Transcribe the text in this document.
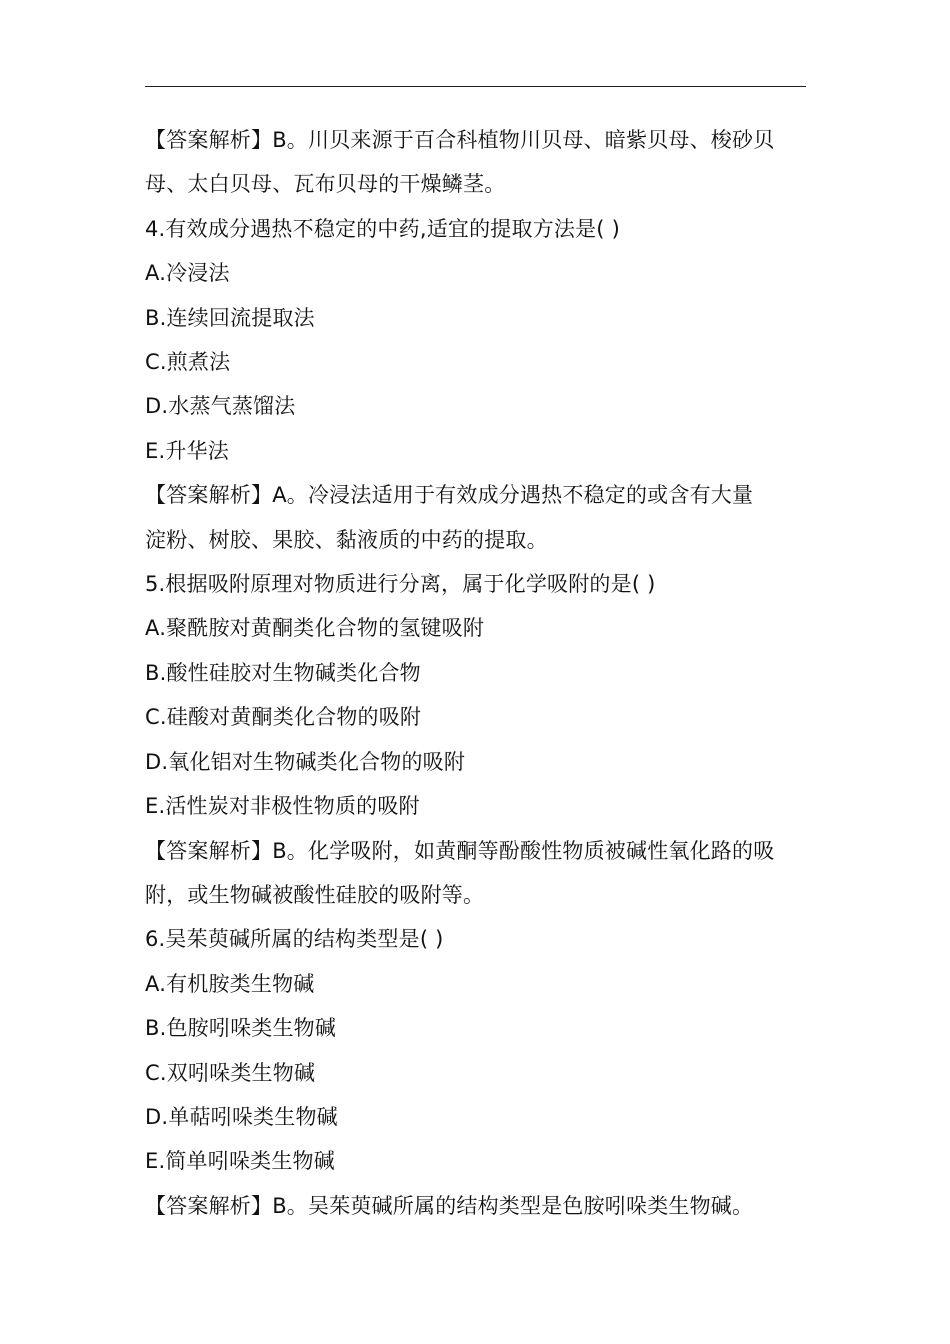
【答案解析】B。川贝来源于百合科植物川贝母、暗紫贝母、梭砂贝
母、太白贝母、瓦布贝母的干燥鳞茎。
4.有效成分遇热不稳定的中药,适宜的提取方法是( )
A.冷浸法
B.连续回流提取法
C.煎煮法
D.水蒸气蒸馏法
E.升华法
【答案解析】A。冷浸法适用于有效成分遇热不稳定的或含有大量
淀粉、树胶、果胶、黏液质的中药的提取。
5.根据吸附原理对物质进行分离，属于化学吸附的是( )
A.聚酰胺对黄酮类化合物的氢键吸附
B.酸性硅胶对生物碱类化合物
C.硅酸对黄酮类化合物的吸附
D.氧化铝对生物碱类化合物的吸附
E.活性炭对非极性物质的吸附
【答案解析】B。化学吸附，如黄酮等酚酸性物质被碱性氧化路的吸
附，或生物碱被酸性硅胶的吸附等。
6.吴茱萸碱所属的结构类型是( )
A.有机胺类生物碱
B.色胺吲哚类生物碱
C.双吲哚类生物碱
D.单萜吲哚类生物碱
E.简单吲哚类生物碱
【答案解析】B。吴茱萸碱所属的结构类型是色胺吲哚类生物碱。
